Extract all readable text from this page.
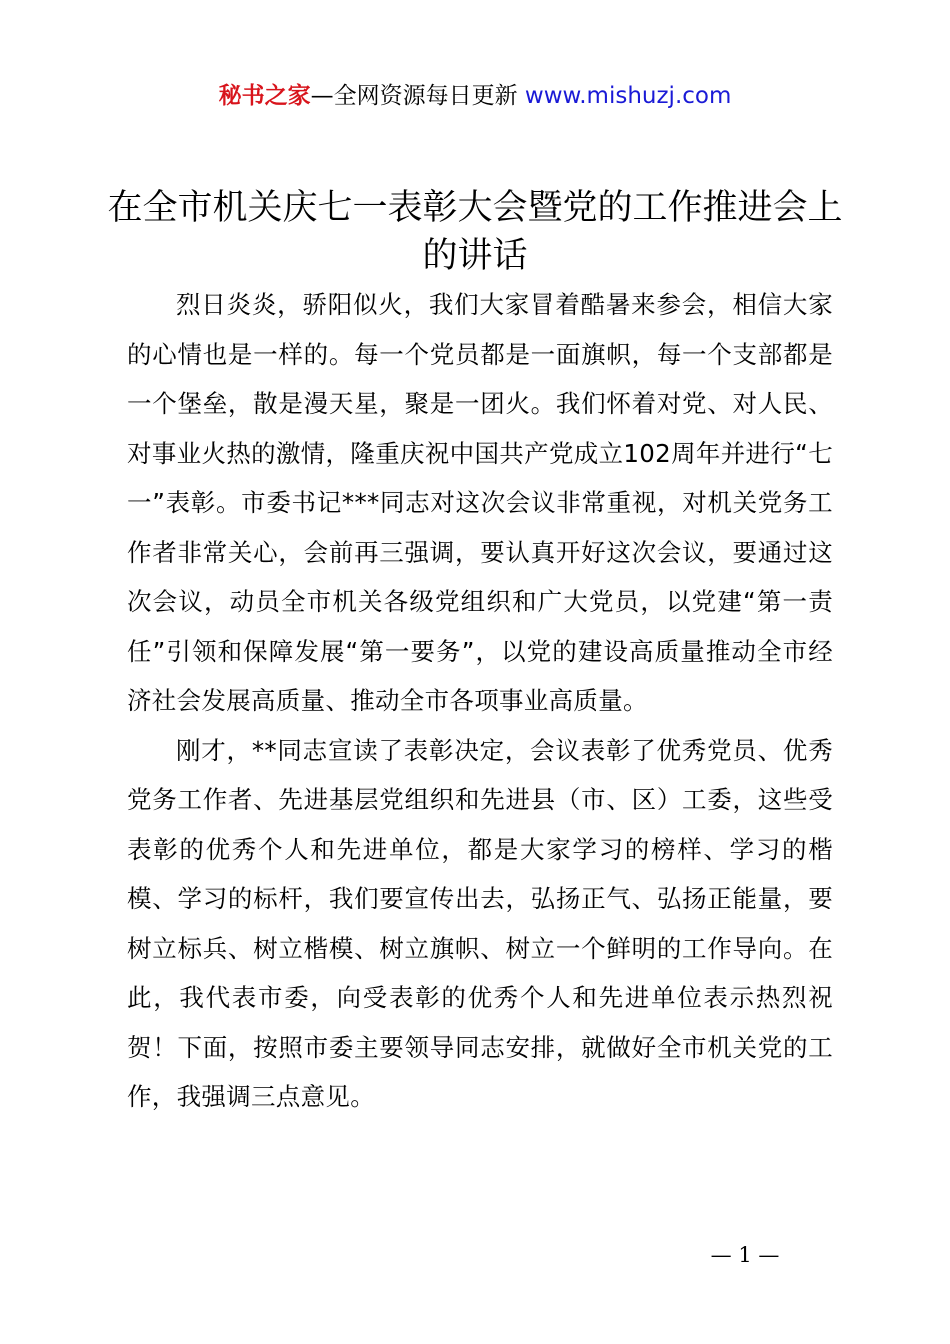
秘书之家—全网资源每日更新 www.mishuzj.com
在全市机关庆七一表彰大会暨党的工作推进会上的讲话

烈日炎炎，骄阳似火，我们大家冒着酷暑来参会，相信大家的心情也是一样的。每一个党员都是一面旗帜，每一个支部都是一个堡垒，散是漫天星，聚是一团火。我们怀着对党、对人民、对事业火热的激情，隆重庆祝中国共产党成立102周年并进行“七一”表彰。市委书记***同志对这次会议非常重视，对机关党务工作者非常关心，会前再三强调，要认真开好这次会议，要通过这次会议，动员全市机关各级党组织和广大党员，以党建“第一责任”引领和保障发展“第一要务”，以党的建设高质量推动全市经济社会发展高质量、推动全市各项事业高质量。

刚才，**同志宣读了表彰决定，会议表彰了优秀党员、优秀党务工作者、先进基层党组织和先进县（市、区）工委，这些受表彰的优秀个人和先进单位，都是大家学习的榜样、学习的楷模、学习的标杆，我们要宣传出去，弘扬正气、弘扬正能量，要树立标兵、树立楷模、树立旗帜、树立一个鲜明的工作导向。在此，我代表市委，向受表彰的优秀个人和先进单位表示热烈祝贺！下面，按照市委主要领导同志安排，就做好全市机关党的工作，我强调三点意见。

— 1 —
